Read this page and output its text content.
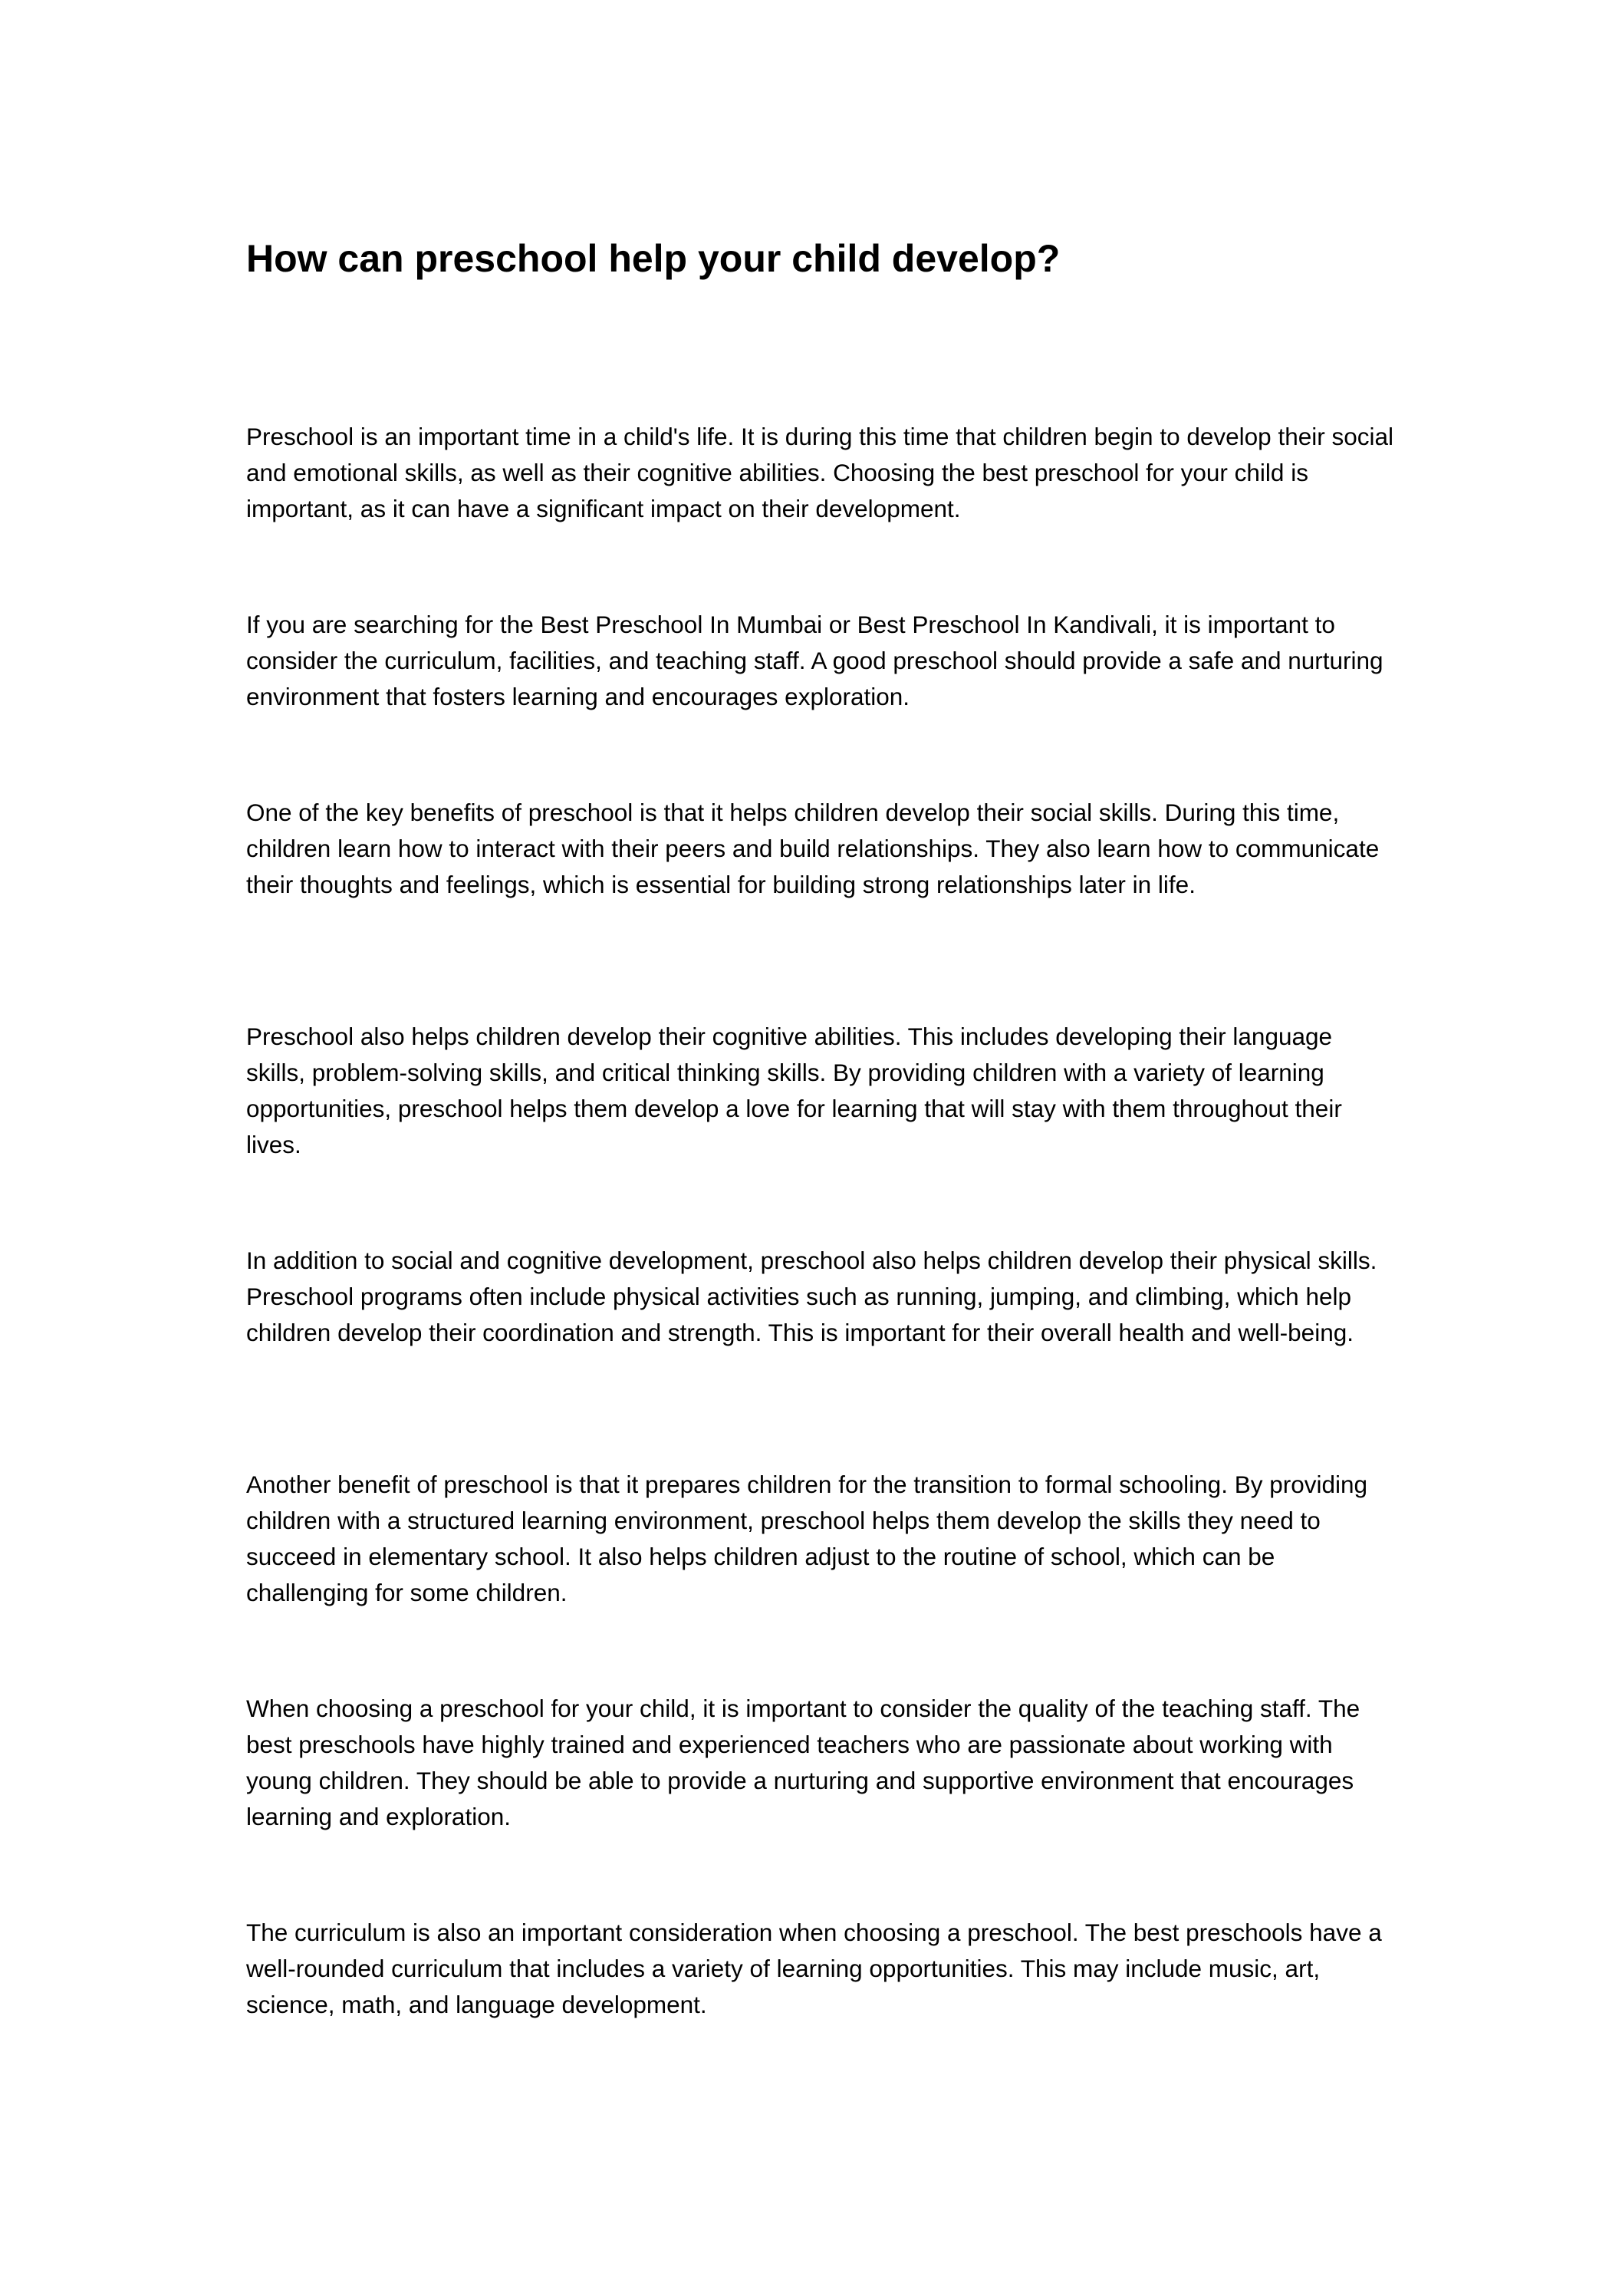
How can preschool help your child develop?

Preschool is an important time in a child's life. It is during this time that children begin to develop their social and emotional skills, as well as their cognitive abilities. Choosing the best preschool for your child is important, as it can have a significant impact on their development.

If you are searching for the Best Preschool In Mumbai or Best Preschool In Kandivali, it is important to consider the curriculum, facilities, and teaching staff. A good preschool should provide a safe and nurturing environment that fosters learning and encourages exploration.

One of the key benefits of preschool is that it helps children develop their social skills. During this time, children learn how to interact with their peers and build relationships. They also learn how to communicate their thoughts and feelings, which is essential for building strong relationships later in life.

Preschool also helps children develop their cognitive abilities. This includes developing their language skills, problem-solving skills, and critical thinking skills. By providing children with a variety of learning opportunities, preschool helps them develop a love for learning that will stay with them throughout their lives.

In addition to social and cognitive development, preschool also helps children develop their physical skills. Preschool programs often include physical activities such as running, jumping, and climbing, which help children develop their coordination and strength. This is important for their overall health and well-being.

Another benefit of preschool is that it prepares children for the transition to formal schooling. By providing children with a structured learning environment, preschool helps them develop the skills they need to succeed in elementary school. It also helps children adjust to the routine of school, which can be challenging for some children.

When choosing a preschool for your child, it is important to consider the quality of the teaching staff. The best preschools have highly trained and experienced teachers who are passionate about working with young children. They should be able to provide a nurturing and supportive environment that encourages learning and exploration.

The curriculum is also an important consideration when choosing a preschool. The best preschools have a well-rounded curriculum that includes a variety of learning opportunities. This may include music, art, science, math, and language development.
